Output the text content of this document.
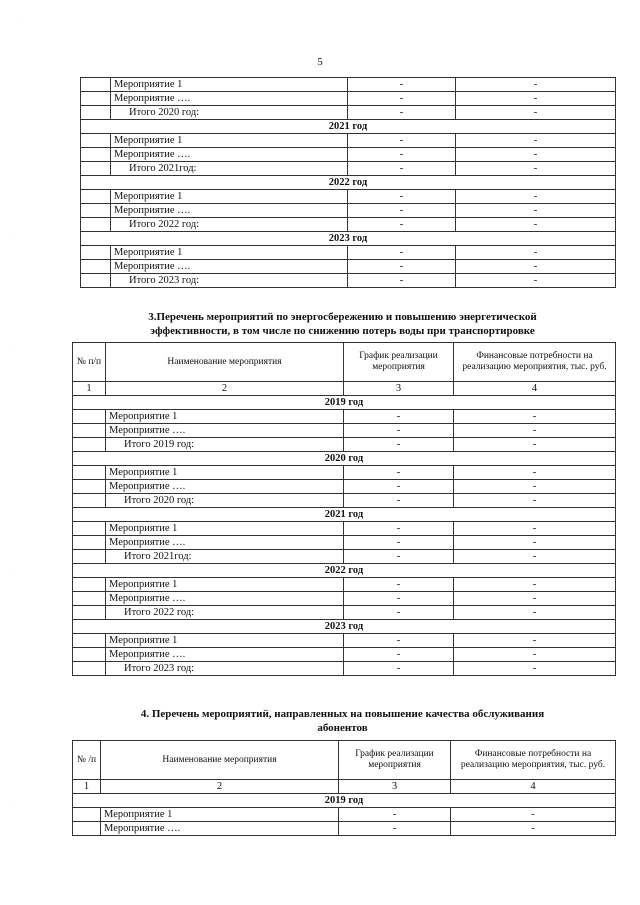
5
	Мероприятие 1	-	-
	Мероприятие ….	-	-
	Итого 2020 год:	-	-
2021 год			
	Мероприятие 1	-	-
	Мероприятие ….	-	-
	Итого 2021год:	-	-
2022 год			
	Мероприятие 1	-	-
	Мероприятие ….	-	-
	Итого 2022 год:	-	-
2023 год			
	Мероприятие 1	-	-
	Мероприятие ….	-	-
	Итого 2023 год:	-	-
3.Перечень мероприятий по энергосбережению и повышению энергетической
эффективности, в том числе по снижению потерь воды при транспортировке
№ п/п	Наименование мероприятия	График реализации мероприятия	Финансовые потребности на реализацию мероприятия, тыс. руб.
1	2	3	4
2019 год			
	Мероприятие 1	-	-
	Мероприятие ….	-	-
	Итого 2019 год:	-	-
2020 год			
	Мероприятие 1	-	-
	Мероприятие ….	-	-
	Итого 2020 год:	-	-
2021 год			
	Мероприятие 1	-	-
	Мероприятие ….	-	-
	Итого 2021год:	-	-
2022 год			
	Мероприятие 1	-	-
	Мероприятие ….	-	-
	Итого 2022 год:	-	-
2023 год			
	Мероприятие 1	-	-
	Мероприятие ….	-	-
	Итого 2023 год:	-	-
4. Перечень мероприятий, направленных на повышение качества обслуживания
абонентов
№ /п	Наименование мероприятия	График реализации мероприятия	Финансовые потребности на реализацию мероприятия, тыс. руб.
1	2	3	4
2019 год			
	Мероприятие 1	-	-
	Мероприятие ….	-	-
˙
˙
˙
˙
˙
